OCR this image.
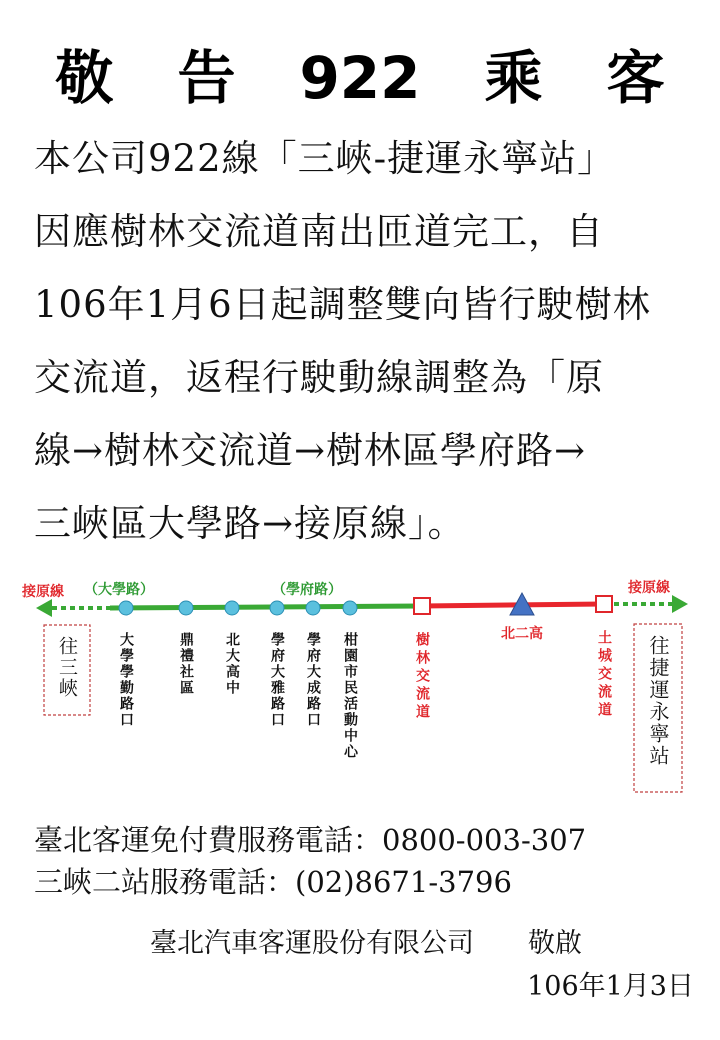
敬 告 922 乘 客
本公司922線「三峽-捷運永寧站」
因應樹林交流道南出匝道完工，自
106年1月6日起調整雙向皆行駛樹林
交流道，返程行駛動線調整為「原
線→樹林交流道→樹林區學府路→
三峽區大學路→接原線」。
接原線	接原線
（大學路）	（學府路）
大學學勤路口	鼎禮社區 北大高中 學府大雅路口 學府大成路口 柑園市民活動中心	樹林交流道	北二高	土城交流道
往三峽	往捷運永寧站
臺北客運免付費服務電話：0800-003-307
三峽二站服務電話：(02)8671-3796
臺北汽車客運股份有限公司 敬啟
106年1月3日
